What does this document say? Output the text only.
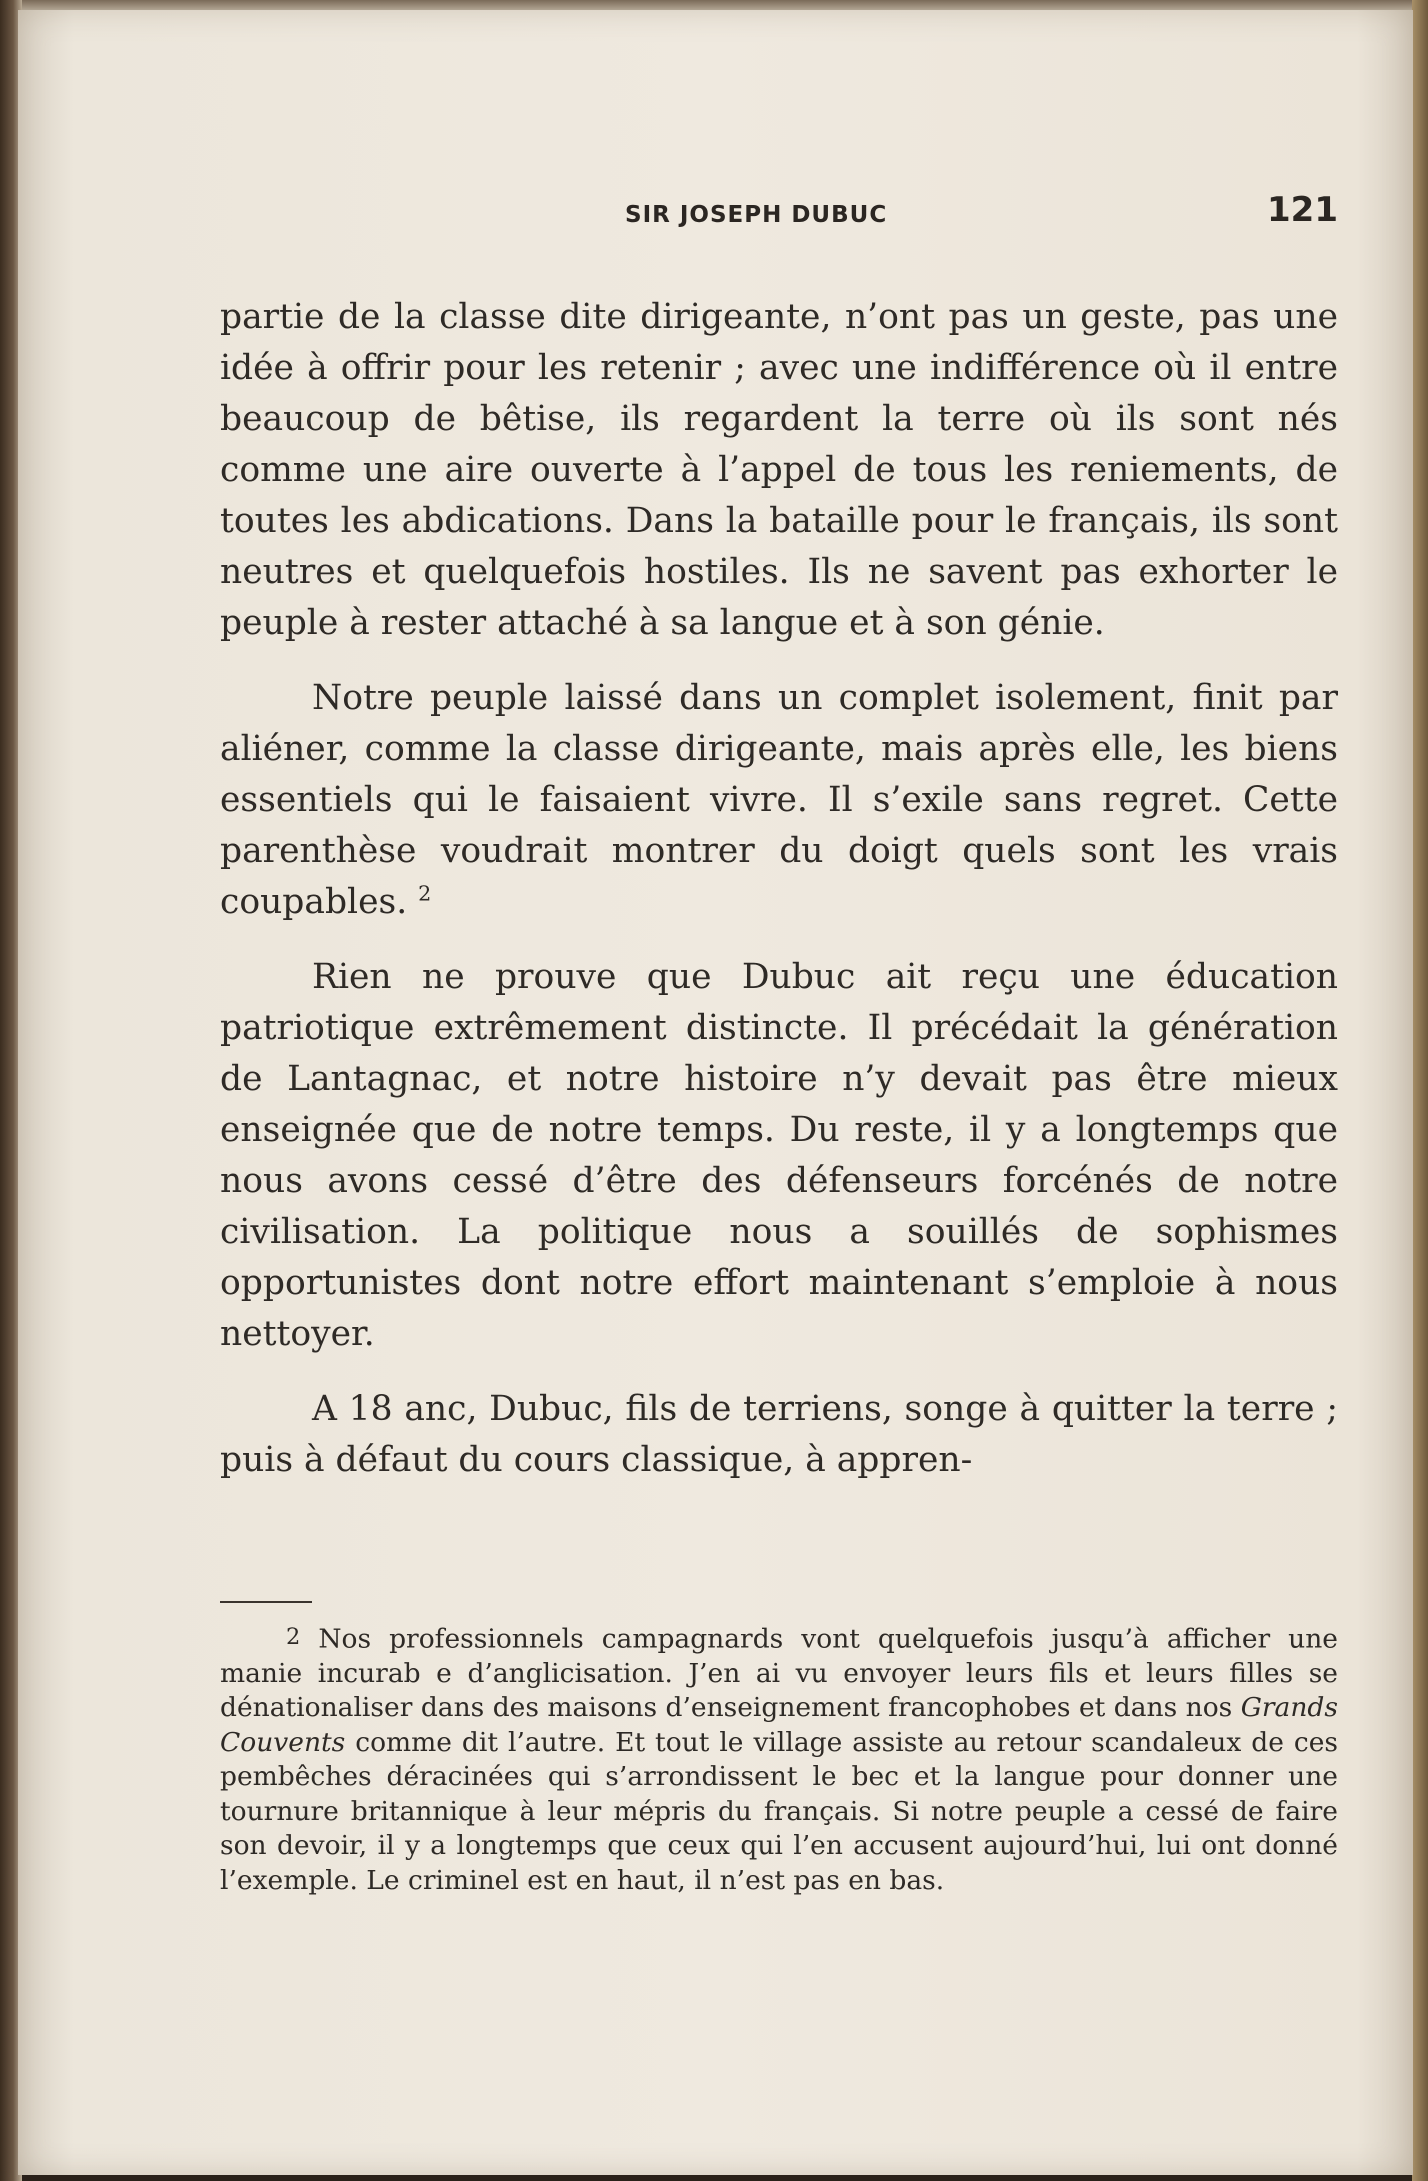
SIR JOSEPH DUBUC	121

partie de la classe dite dirigeante, n’ont pas un geste, pas une idée à offrir pour les retenir ; avec une indifférence où il entre beaucoup de bêtise, ils regardent la terre où ils sont nés comme une aire ouverte à l’appel de tous les reniements, de toutes les abdications. Dans la bataille pour le français, ils sont neutres et quelquefois hostiles. Ils ne savent pas exhorter le peuple à rester attaché à sa langue et à son génie.

Notre peuple laissé dans un complet isolement, finit par aliéner, comme la classe dirigeante, mais après elle, les biens essentiels qui le faisaient vivre. Il s’exile sans regret. Cette parenthèse voudrait montrer du doigt quels sont les vrais coupables. $^2$

Rien ne prouve que Dubuc ait reçu une éducation patriotique extrêmement distincte. Il précédait la génération de Lantagnac, et notre histoire n’y devait pas être mieux enseignée que de notre temps. Du reste, il y a longtemps que nous avons cessé d’être des défenseurs forcénés de notre civilisation. La politique nous a souillés de sophismes opportunistes dont notre effort maintenant s’emploie à nous nettoyer.

A 18 anc, Dubuc, fils de terriens, songe à quitter la terre ; puis à défaut du cours classique, à appren-

2 Nos professionnels campagnards vont quelquefois jusqu’à afficher une manie incurab e d’anglicisation. J’en ai vu envoyer leurs fils et leurs filles se dénationaliser dans des maisons d’enseignement francophobes et dans nos Grands Couvents comme dit l’autre. Et tout le village assiste au retour scandaleux de ces pembêches déracinées qui s’arrondissent le bec et la langue pour donner une tournure britannique à leur mépris du français. Si notre peuple a cessé de faire son devoir, il y a longtemps que ceux qui l’en accusent aujourd’hui, lui ont donné l’exemple. Le criminel est en haut, il n’est pas en bas.
